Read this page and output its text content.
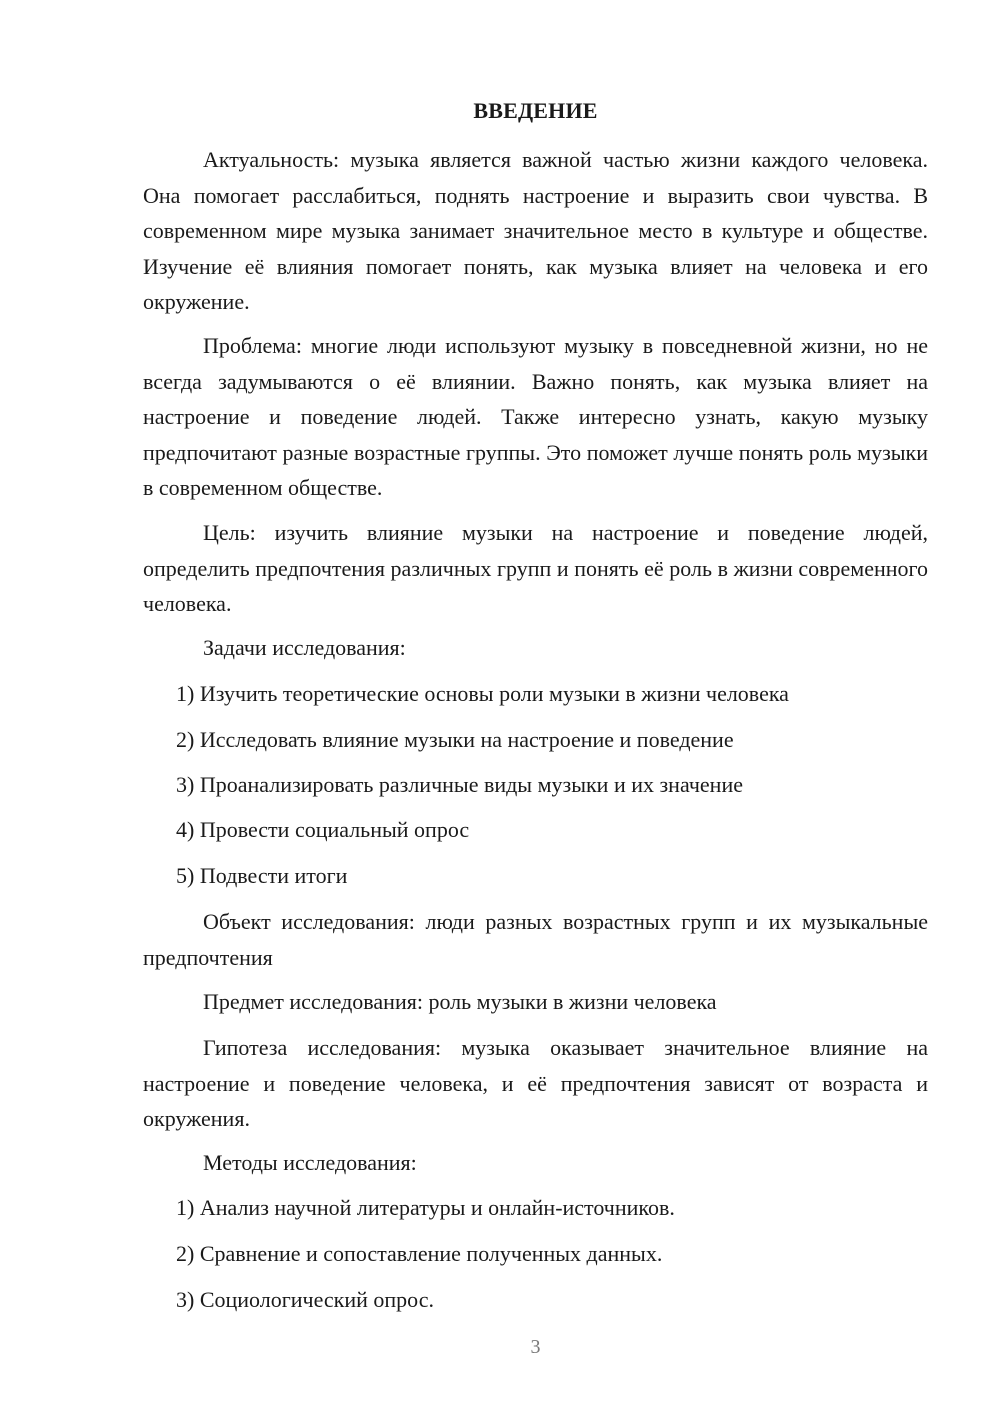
ВВЕДЕНИЕ
Актуальность: музыка является важной частью жизни каждого человека. Она помогает расслабиться, поднять настроение и выразить свои чувства. В современном мире музыка занимает значительное место в культуре и обществе. Изучение её влияния помогает понять, как музыка влияет на человека и его окружение.
Проблема: многие люди используют музыку в повседневной жизни, но не всегда задумываются о её влиянии. Важно понять, как музыка влияет на настроение и поведение людей. Также интересно узнать, какую музыку предпочитают разные возрастные группы. Это поможет лучше понять роль музыки в современном обществе.
Цель: изучить влияние музыки на настроение и поведение людей, определить предпочтения различных групп и понять её роль в жизни современного человека.
Задачи исследования:
1) Изучить теоретические основы роли музыки в жизни человека
2) Исследовать влияние музыки на настроение и поведение
3) Проанализировать различные виды музыки и их значение
4) Провести социальный опрос
5) Подвести итоги
Объект исследования: люди разных возрастных групп и их музыкальные предпочтения
Предмет исследования: роль музыки в жизни человека
Гипотеза исследования: музыка оказывает значительное влияние на настроение и поведение человека, и её предпочтения зависят от возраста и окружения.
Методы исследования:
1) Анализ научной литературы и онлайн-источников.
2) Сравнение и сопоставление полученных данных.
3) Социологический опрос.
3
